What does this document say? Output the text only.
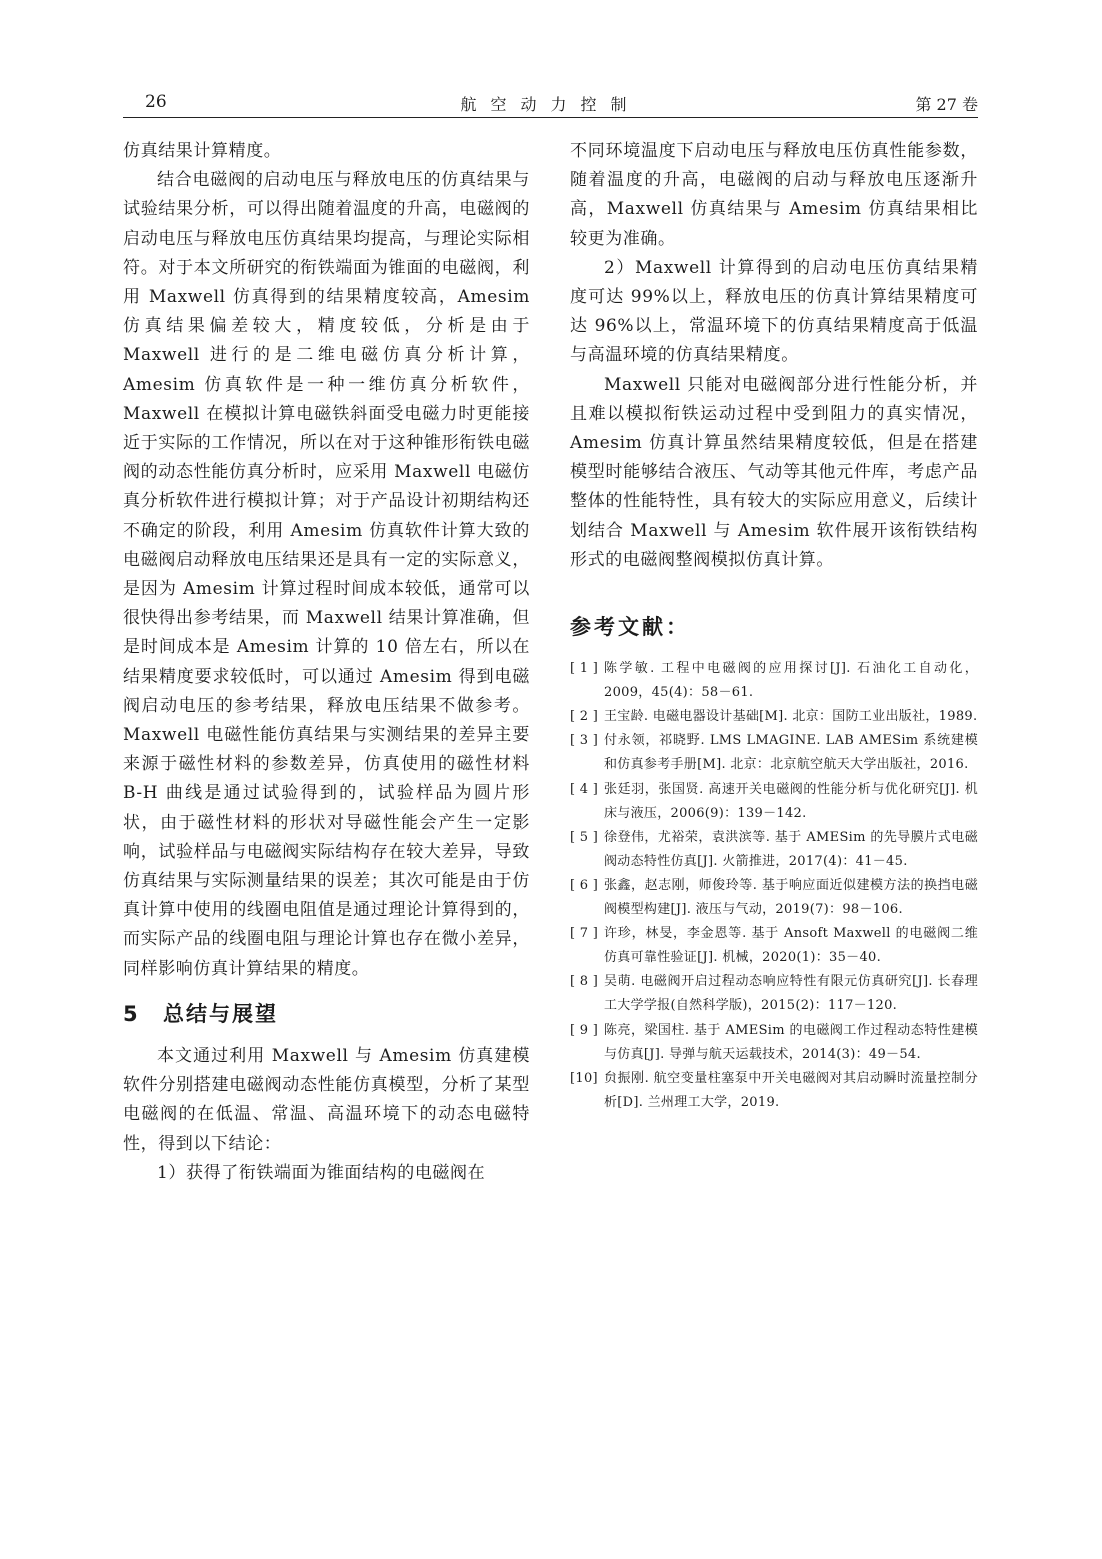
26	航空动力控制	第 27 卷

仿真结果计算精度。

结合电磁阀的启动电压与释放电压的仿真结果与试验结果分析，可以得出随着温度的升高，电磁阀的启动电压与释放电压仿真结果均提高，与理论实际相符。对于本文所研究的衔铁端面为锥面的电磁阀，利用 Maxwell 仿真得到的结果精度较高，Amesim 仿真结果偏差较大，精度较低，分析是由于 Maxwell 进行的是二维电磁仿真分析计算，Amesim 仿真软件是一种一维仿真分析软件，Maxwell 在模拟计算电磁铁斜面受电磁力时更能接近于实际的工作情况，所以在对于这种锥形衔铁电磁阀的动态性能仿真分析时，应采用 Maxwell 电磁仿真分析软件进行模拟计算；对于产品设计初期结构还不确定的阶段，利用 Amesim 仿真软件计算大致的电磁阀启动释放电压结果还是具有一定的实际意义，是因为 Amesim 计算过程时间成本较低，通常可以很快得出参考结果，而 Maxwell 结果计算准确，但是时间成本是 Amesim 计算的 10 倍左右，所以在结果精度要求较低时，可以通过 Amesim 得到电磁阀启动电压的参考结果，释放电压结果不做参考。Maxwell 电磁性能仿真结果与实测结果的差异主要来源于磁性材料的参数差异，仿真使用的磁性材料 B-H 曲线是通过试验得到的，试验样品为圆片形状，由于磁性材料的形状对导磁性能会产生一定影响，试验样品与电磁阀实际结构存在较大差异，导致仿真结果与实际测量结果的误差；其次可能是由于仿真计算中使用的线圈电阻值是通过理论计算得到的，而实际产品的线圈电阻与理论计算也存在微小差异，同样影响仿真计算结果的精度。

5 总结与展望

本文通过利用 Maxwell 与 Amesim 仿真建模软件分别搭建电磁阀动态性能仿真模型，分析了某型电磁阀的在低温、常温、高温环境下的动态电磁特性，得到以下结论：

1）获得了衔铁端面为锥面结构的电磁阀在

不同环境温度下启动电压与释放电压仿真性能参数，随着温度的升高，电磁阀的启动与释放电压逐渐升高，Maxwell 仿真结果与 Amesim 仿真结果相比较更为准确。

2）Maxwell 计算得到的启动电压仿真结果精度可达 99%以上，释放电压的仿真计算结果精度可达 96%以上，常温环境下的仿真结果精度高于低温与高温环境的仿真结果精度。

Maxwell 只能对电磁阀部分进行性能分析，并且难以模拟衔铁运动过程中受到阻力的真实情况，Amesim 仿真计算虽然结果精度较低，但是在搭建模型时能够结合液压、气动等其他元件库，考虑产品整体的性能特性，具有较大的实际应用意义，后续计划结合 Maxwell 与 Amesim 软件展开该衔铁结构形式的电磁阀整阀模拟仿真计算。

参考文献：
[ 1 ] 陈学敏. 工程中电磁阀的应用探讨[J]. 石油化工自动化，2009，45(4)：58－61.
[ 2 ] 王宝龄. 电磁电器设计基础[M]. 北京：国防工业出版社，1989.
[ 3 ] 付永领，祁晓野. LMS LMAGINE. LAB AMESim 系统建模和仿真参考手册[M]. 北京：北京航空航天大学出版社，2016.
[ 4 ] 张廷羽，张国贤. 高速开关电磁阀的性能分析与优化研究[J]. 机床与液压，2006(9)：139－142.
[ 5 ] 徐登伟，尤裕荣，袁洪滨等. 基于 AMESim 的先导膜片式电磁阀动态特性仿真[J]. 火箭推进，2017(4)：41－45.
[ 6 ] 张鑫，赵志刚，师俊玲等. 基于响应面近似建模方法的换挡电磁阀模型构建[J]. 液压与气动，2019(7)：98－106.
[ 7 ] 许珍，林旻，李金恩等. 基于 Ansoft Maxwell 的电磁阀二维仿真可靠性验证[J]. 机械，2020(1)：35－40.
[ 8 ] 吴萌. 电磁阀开启过程动态响应特性有限元仿真研究[J]. 长春理工大学学报(自然科学版)，2015(2)：117－120.
[ 9 ] 陈亮，梁国柱. 基于 AMESim 的电磁阀工作过程动态特性建模与仿真[J]. 导弹与航天运载技术，2014(3)：49－54.
[10] 贠振刚. 航空变量柱塞泵中开关电磁阀对其启动瞬时流量控制分析[D]. 兰州理工大学，2019.
